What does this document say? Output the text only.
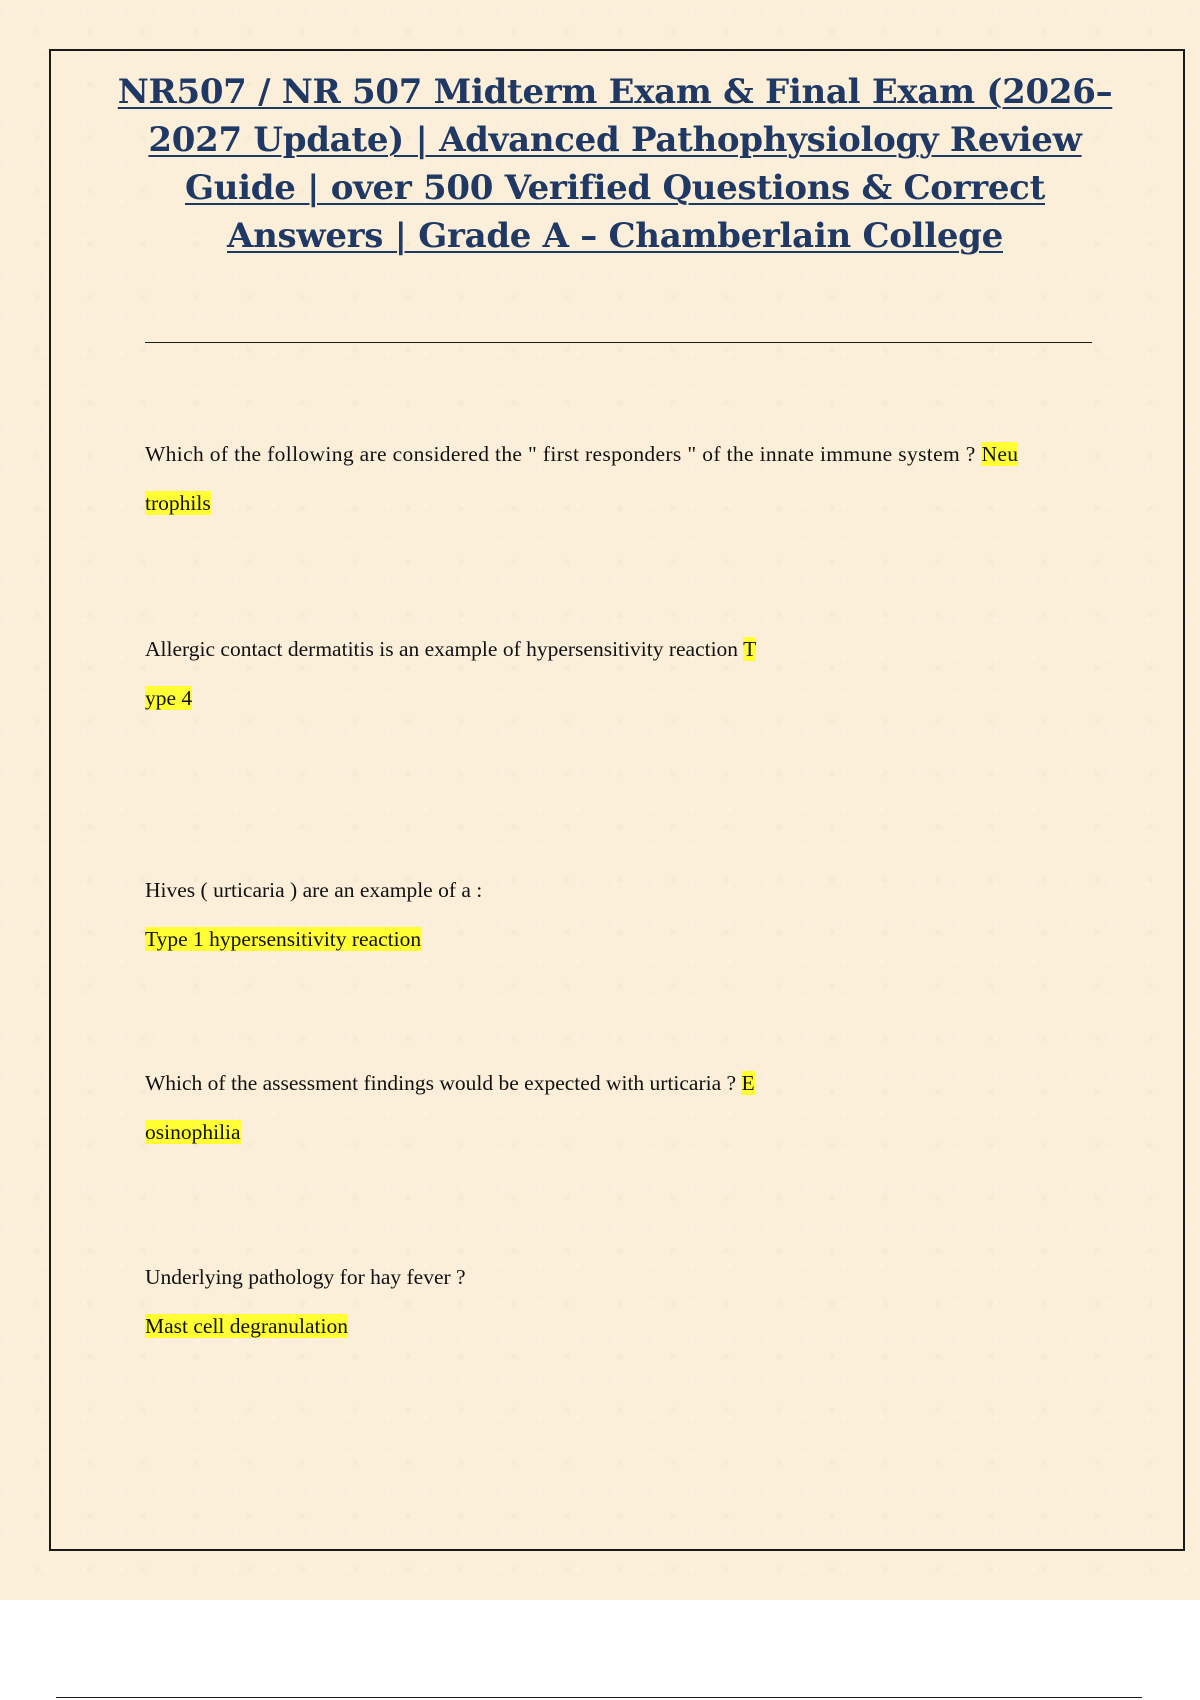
NR507 / NR 507 Midterm Exam & Final Exam (2026–2027 Update) | Advanced Pathophysiology Review Guide | over 500 Verified Questions & Correct Answers | Grade A – Chamberlain College
Which of the following are considered the " first responders " of the innate immune system ? Neu
trophils
Allergic contact dermatitis is an example of hypersensitivity reaction T
ype 4
Hives ( urticaria ) are an example of a :
Type 1 hypersensitivity reaction
Which of the assessment findings would be expected with urticaria ? E
osinophilia
Underlying pathology for hay fever ?
Mast cell degranulation
